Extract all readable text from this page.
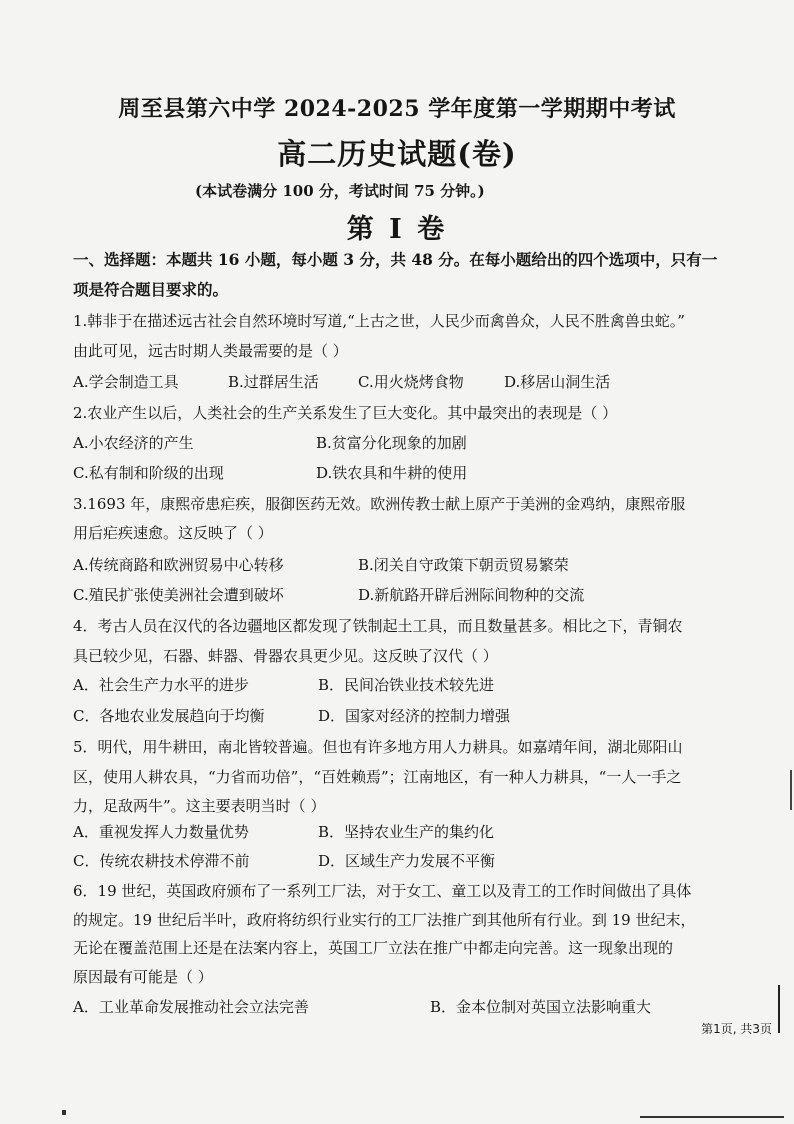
周至县第六中学 2024-2025 学年度第一学期期中考试
高二历史试题(卷)
(本试卷满分 100 分，考试时间 75 分钟。)
第 I 卷
一、选择题：本题共 16 小题，每小题 3 分，共 48 分。在每小题给出的四个选项中，只有一
项是符合题目要求的。
1.韩非于在描述远古社会自然环境时写道,“上古之世，人民少而禽兽众，人民不胜禽兽虫蛇。”
由此可见，远古时期人类最需要的是（ ）
A.学会制造工具	B.过群居生活	C.用火烧烤食物	D.移居山洞生活
2.农业产生以后，人类社会的生产关系发生了巨大变化。其中最突出的表现是（ ）
A.小农经济的产生	B.贫富分化现象的加剧
C.私有制和阶级的出现	D.铁农具和牛耕的使用
3.1693 年，康熙帝患疟疾，服御医药无效。欧洲传教士献上原产于美洲的金鸡纳，康熙帝服
用后疟疾速愈。这反映了（ ）
A.传统商路和欧洲贸易中心转移	B.闭关自守政策下朝贡贸易繁荣
C.殖民扩张使美洲社会遭到破坏	D.新航路开辟后洲际间物种的交流
4．考古人员在汉代的各边疆地区都发现了铁制起土工具，而且数量甚多。相比之下，青铜农
具已较少见，石器、蚌器、骨器农具更少见。这反映了汉代（ ）
A．社会生产力水平的进步	B．民间冶铁业技术较先进
C．各地农业发展趋向于均衡	D．国家对经济的控制力增强
5．明代，用牛耕田，南北皆较普遍。但也有许多地方用人力耕具。如嘉靖年间，湖北郧阳山
区，使用人耕农具，“力省而功倍”，“百姓赖焉”；江南地区，有一种人力耕具，“一人一手之
力，足敌两牛”。这主要表明当时（ ）
A．重视发挥人力数量优势	B．坚持农业生产的集约化
C．传统农耕技术停滞不前	D．区域生产力发展不平衡
6．19 世纪，英国政府颁布了一系列工厂法，对于女工、童工以及青工的工作时间做出了具体
的规定。19 世纪后半叶，政府将纺织行业实行的工厂法推广到其他所有行业。到 19 世纪末，
无论在覆盖范围上还是在法案内容上，英国工厂立法在推广中都走向完善。这一现象出现的
原因最有可能是（ ）
A．工业革命发展推动社会立法完善	B．金本位制对英国立法影响重大
第1页, 共3页
